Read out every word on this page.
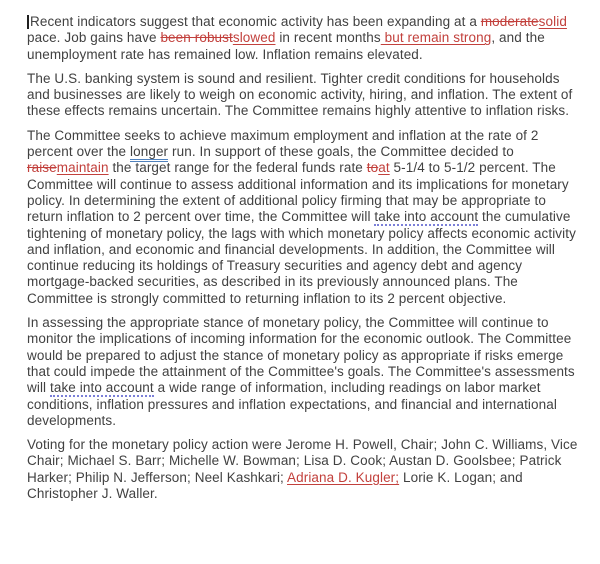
Recent indicators suggest that economic activity has been expanding at a moderatesolid pace. Job gains have been robustslowed in recent months but remain strong, and the unemployment rate has remained low. Inflation remains elevated.

The U.S. banking system is sound and resilient. Tighter credit conditions for households and businesses are likely to weigh on economic activity, hiring, and inflation. The extent of these effects remains uncertain. The Committee remains highly attentive to inflation risks.

The Committee seeks to achieve maximum employment and inflation at the rate of 2 percent over the longer run. In support of these goals, the Committee decided to raisemaintain the target range for the federal funds rate toat 5-1/4 to 5-1/2 percent. The Committee will continue to assess additional information and its implications for monetary policy. In determining the extent of additional policy firming that may be appropriate to return inflation to 2 percent over time, the Committee will take into account the cumulative tightening of monetary policy, the lags with which monetary policy affects economic activity and inflation, and economic and financial developments. In addition, the Committee will continue reducing its holdings of Treasury securities and agency debt and agency mortgage-backed securities, as described in its previously announced plans. The Committee is strongly committed to returning inflation to its 2 percent objective.

In assessing the appropriate stance of monetary policy, the Committee will continue to monitor the implications of incoming information for the economic outlook. The Committee would be prepared to adjust the stance of monetary policy as appropriate if risks emerge that could impede the attainment of the Committee's goals. The Committee's assessments will take into account a wide range of information, including readings on labor market conditions, inflation pressures and inflation expectations, and financial and international developments.

Voting for the monetary policy action were Jerome H. Powell, Chair; John C. Williams, Vice Chair; Michael S. Barr; Michelle W. Bowman; Lisa D. Cook; Austan D. Goolsbee; Patrick Harker; Philip N. Jefferson; Neel Kashkari; Adriana D. Kugler; Lorie K. Logan; and Christopher J. Waller.
